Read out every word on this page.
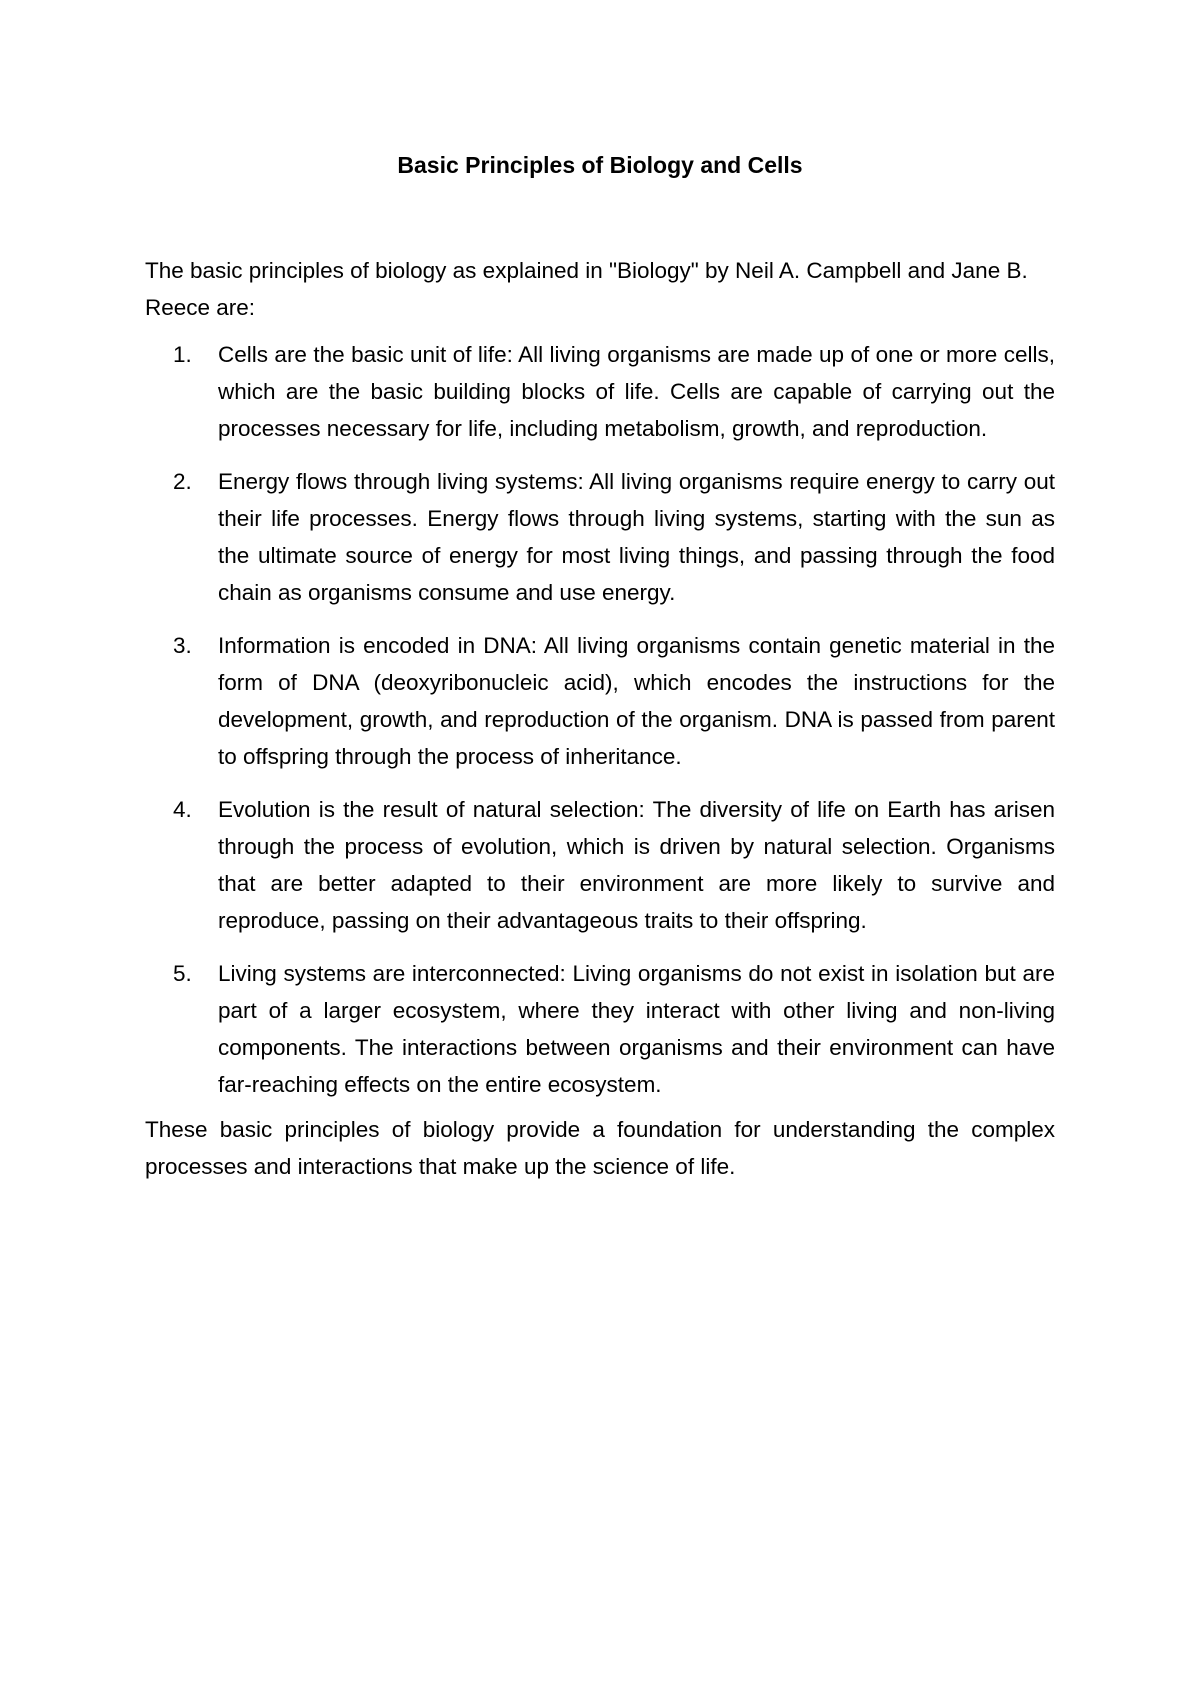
Basic Principles of Biology and Cells

The basic principles of biology as explained in "Biology" by Neil A. Campbell and Jane B. Reece are:

1. Cells are the basic unit of life: All living organisms are made up of one or more cells, which are the basic building blocks of life. Cells are capable of carrying out the processes necessary for life, including metabolism, growth, and reproduction.
2. Energy flows through living systems: All living organisms require energy to carry out their life processes. Energy flows through living systems, starting with the sun as the ultimate source of energy for most living things, and passing through the food chain as organisms consume and use energy.
3. Information is encoded in DNA: All living organisms contain genetic material in the form of DNA (deoxyribonucleic acid), which encodes the instructions for the development, growth, and reproduction of the organism. DNA is passed from parent to offspring through the process of inheritance.
4. Evolution is the result of natural selection: The diversity of life on Earth has arisen through the process of evolution, which is driven by natural selection. Organisms that are better adapted to their environment are more likely to survive and reproduce, passing on their advantageous traits to their offspring.
5. Living systems are interconnected: Living organisms do not exist in isolation but are part of a larger ecosystem, where they interact with other living and non-living components. The interactions between organisms and their environment can have far-reaching effects on the entire ecosystem.

These basic principles of biology provide a foundation for understanding the complex processes and interactions that make up the science of life.
